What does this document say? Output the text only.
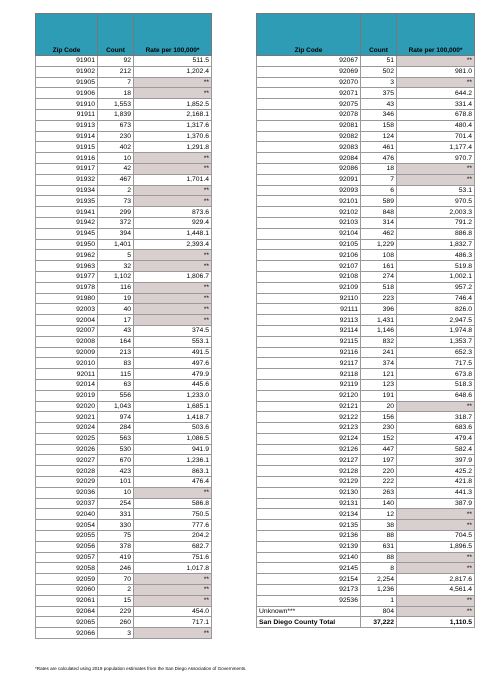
Zip Code	Count	Rate per 100,000*
91901	92	511.5
91902	212	1,202.4
91905	7	**
91906	18	**
91910	1,553	1,852.5
91911	1,839	2,168.1
91913	673	1,317.6
91914	230	1,370.6
91915	402	1,291.8
91916	10	**
91917	42	**
91932	467	1,701.4
91934	2	**
91935	73	**
91941	299	873.6
91942	372	929.4
91945	394	1,448.1
91950	1,401	2,393.4
91962	5	**
91963	32	**
91977	1,102	1,806.7
91978	116	**
91980	19	**
92003	40	**
92004	17	**
92007	43	374.5
92008	164	553.1
92009	213	491.5
92010	83	497.6
92011	115	479.9
92014	63	445.6
92019	556	1,233.0
92020	1,043	1,685.1
92021	974	1,418.7
92024	284	503.6
92025	563	1,086.5
92026	530	941.9
92027	670	1,236.1
92028	423	863.1
92029	101	476.4
92036	10	**
92037	254	586.8
92040	331	750.5
92054	330	777.6
92055	75	204.2
92056	378	682.7
92057	419	751.6
92058	246	1,017.8
92059	70	**
92060	2	**
92061	15	**
92064	229	454.0
92065	260	717.1
92066	3	**
Zip Code	Count	Rate per 100,000*
92067	51	**
92069	502	981.0
92070	3	**
92071	375	644.2
92075	43	331.4
92078	346	678.8
92081	158	480.4
92082	124	701.4
92083	461	1,177.4
92084	476	970.7
92086	18	**
92091	7	**
92093	6	53.1
92101	589	970.5
92102	848	2,003.3
92103	314	791.2
92104	462	886.8
92105	1,229	1,832.7
92106	108	486.3
92107	161	519.8
92108	274	1,002.1
92109	518	957.2
92110	223	746.4
92111	396	826.0
92113	1,431	2,947.5
92114	1,146	1,974.8
92115	832	1,353.7
92116	241	652.3
92117	374	717.5
92118	121	673.8
92119	123	518.3
92120	191	648.6
92121	20	**
92122	156	318.7
92123	230	683.6
92124	152	479.4
92126	447	582.4
92127	197	397.9
92128	220	425.2
92129	222	421.8
92130	263	441.3
92131	140	387.9
92134	12	**
92135	38	**
92136	88	704.5
92139	631	1,896.5
92140	88	**
92145	8	**
92154	2,254	2,817.6
92173	1,236	4,561.4
92536	1	**
Unknown***	804	**
San Diego County Total	37,222	1,110.5
*Rates are calculated using 2019 population estimates from the San Diego Association of Governments.
